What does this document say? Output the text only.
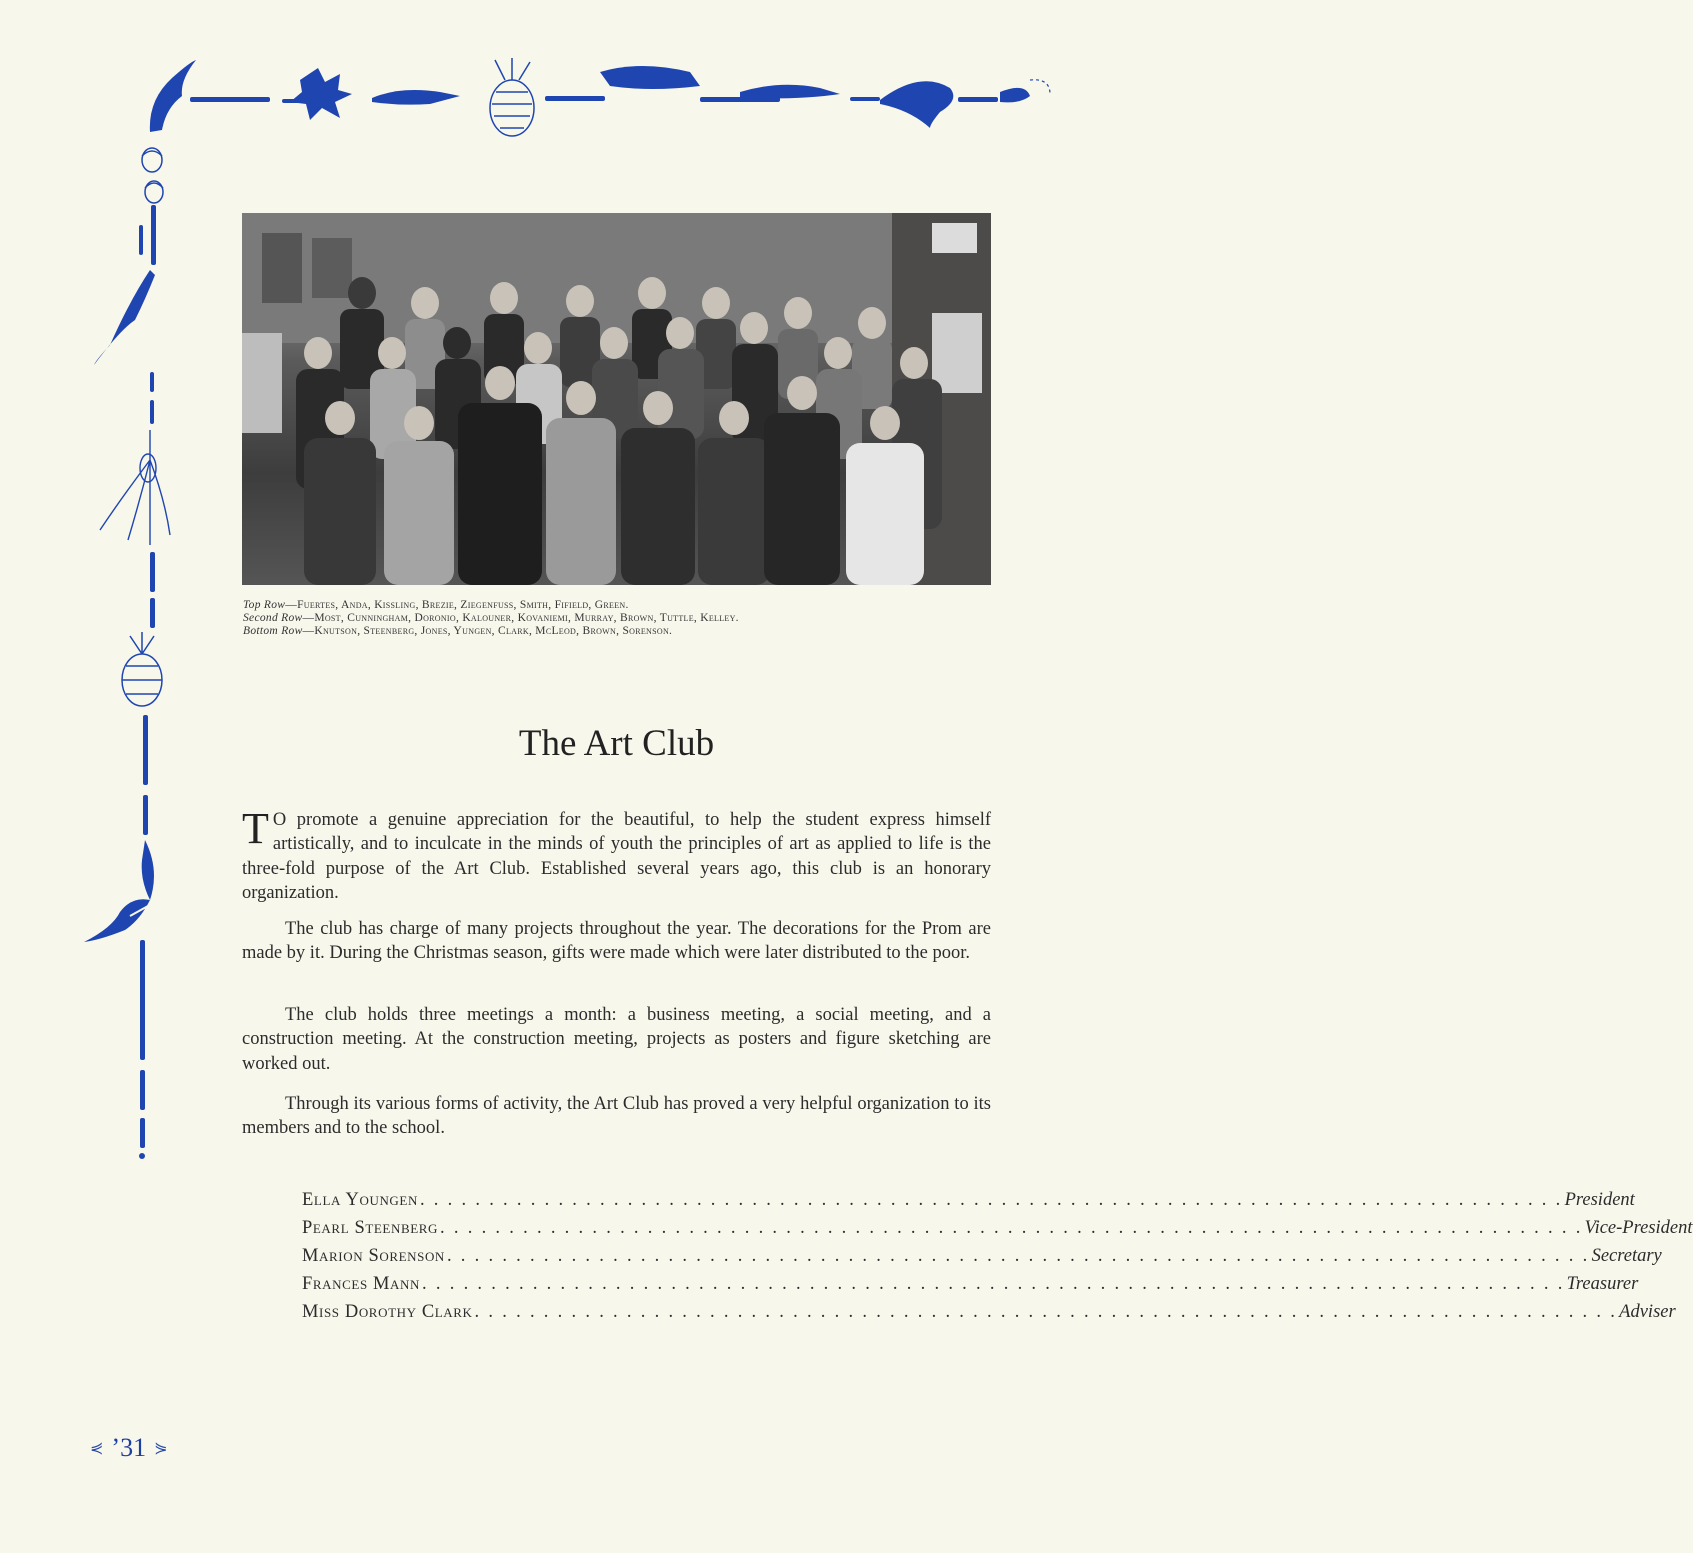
Top Row—Fuertes, Anda, Kissling, Brezie, Ziegenfuss, Smith, Fifield, Green.
Second Row—Most, Cunningham, Doronio, Kalouner, Kovaniemi, Murray, Brown, Tuttle, Kelley.
Bottom Row—Knutson, Steenberg, Jones, Yungen, Clark, McLeod, Brown, Sorenson.
The Art Club

T O promote a genuine appreciation for the beautiful, to help the student express himself artistically, and to inculcate in the minds of youth the principles of art as applied to life is the three-fold purpose of the Art Club. Established several years ago, this club is an honorary organization.

The club has charge of many projects throughout the year. The decorations for the Prom are made by it. During the Christmas season, gifts were made which were later distributed to the poor.

The club holds three meetings a month: a business meeting, a social meeting, and a construction meeting. At the construction meeting, projects as posters and figure sketching are worked out.

Through its various forms of activity, the Art Club has proved a very helpful organization to its members and to the school.

Ella Youngen . . . . . . . . . . . . . . . . . . . . . . . . . . . . . . . . . . . . . . . . . . . . . . . . . . . . . . . . . . . . . . . . . . . . . . . . . . . . . . . . . . . President
Pearl Steenberg . . . . . . . . . . . . . . . . . . . . . . . . . . . . . . . . . . . . . . . . . . . . . . . . . . . . . . . . . . . . . . . . . . . . . . . . . . . . . . . . . . . Vice-President
Marion Sorenson . . . . . . . . . . . . . . . . . . . . . . . . . . . . . . . . . . . . . . . . . . . . . . . . . . . . . . . . . . . . . . . . . . . . . . . . . . . . . . . . . . . Secretary
Frances Mann . . . . . . . . . . . . . . . . . . . . . . . . . . . . . . . . . . . . . . . . . . . . . . . . . . . . . . . . . . . . . . . . . . . . . . . . . . . . . . . . . . . Treasurer
Miss Dorothy Clark . . . . . . . . . . . . . . . . . . . . . . . . . . . . . . . . . . . . . . . . . . . . . . . . . . . . . . . . . . . . . . . . . . . . . . . . . . . . . . . . . . . Adviser
⋞ ’31 ⋟
